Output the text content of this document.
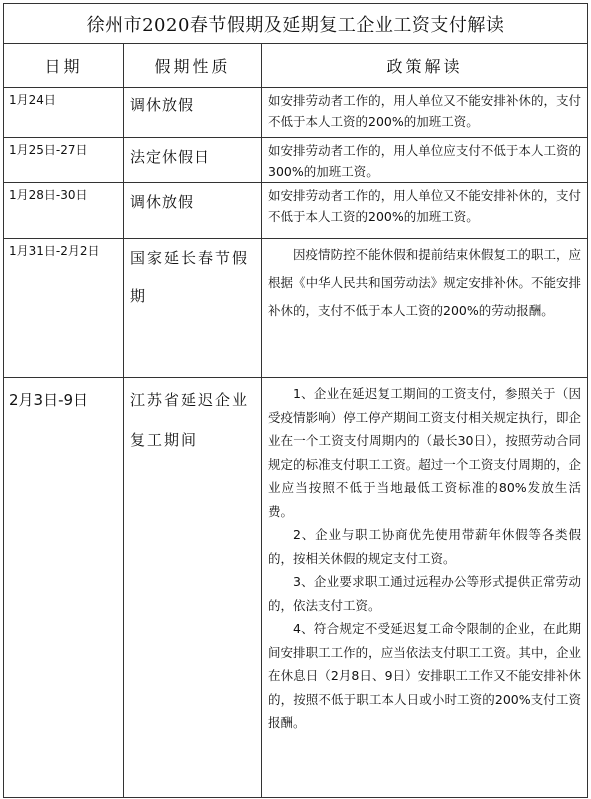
徐州市2020春节假期及延期复工企业工资支付解读		
日期	假期性质	政策解读
1月24日	调休放假	如安排劳动者工作的，用人单位又不能安排补休的，支付不低于本人工资的200%的加班工资。
1月25日-27日	法定休假日	如安排劳动者工作的，用人单位应支付不低于本人工资的300%的加班工资。
1月28日-30日	调休放假	如安排劳动者工作的，用人单位又不能安排补休的，支付不低于本人工资的200%的加班工资。
1月31日-2月2日	国家延长春节假期	因疫情防控不能休假和提前结束休假复工的职工，应根据《中华人民共和国劳动法》规定安排补休。不能安排补休的，支付不低于本人工资的200%的劳动报酬。
2月3日-9日	江苏省延迟企业复工期间	1、企业在延迟复工期间的工资支付，参照关于（因受疫情影响）停工停产期间工资支付相关规定执行，即企业在一个工资支付周期内的（最长30日），按照劳动合同规定的标准支付职工工资。超过一个工资支付周期的，企业应当按照不低于当地最低工资标准的80%发放生活费。

2、企业与职工协商优先使用带薪年休假等各类假的，按相关休假的规定支付工资。

3、企业要求职工通过远程办公等形式提供正常劳动的，依法支付工资。

4、符合规定不受延迟复工命令限制的企业，在此期间安排职工工作的，应当依法支付职工工资。其中，企业在休息日（2月8日、9日）安排职工工作又不能安排补休的，按照不低于职工本人日或小时工资的200%支付工资报酬。
